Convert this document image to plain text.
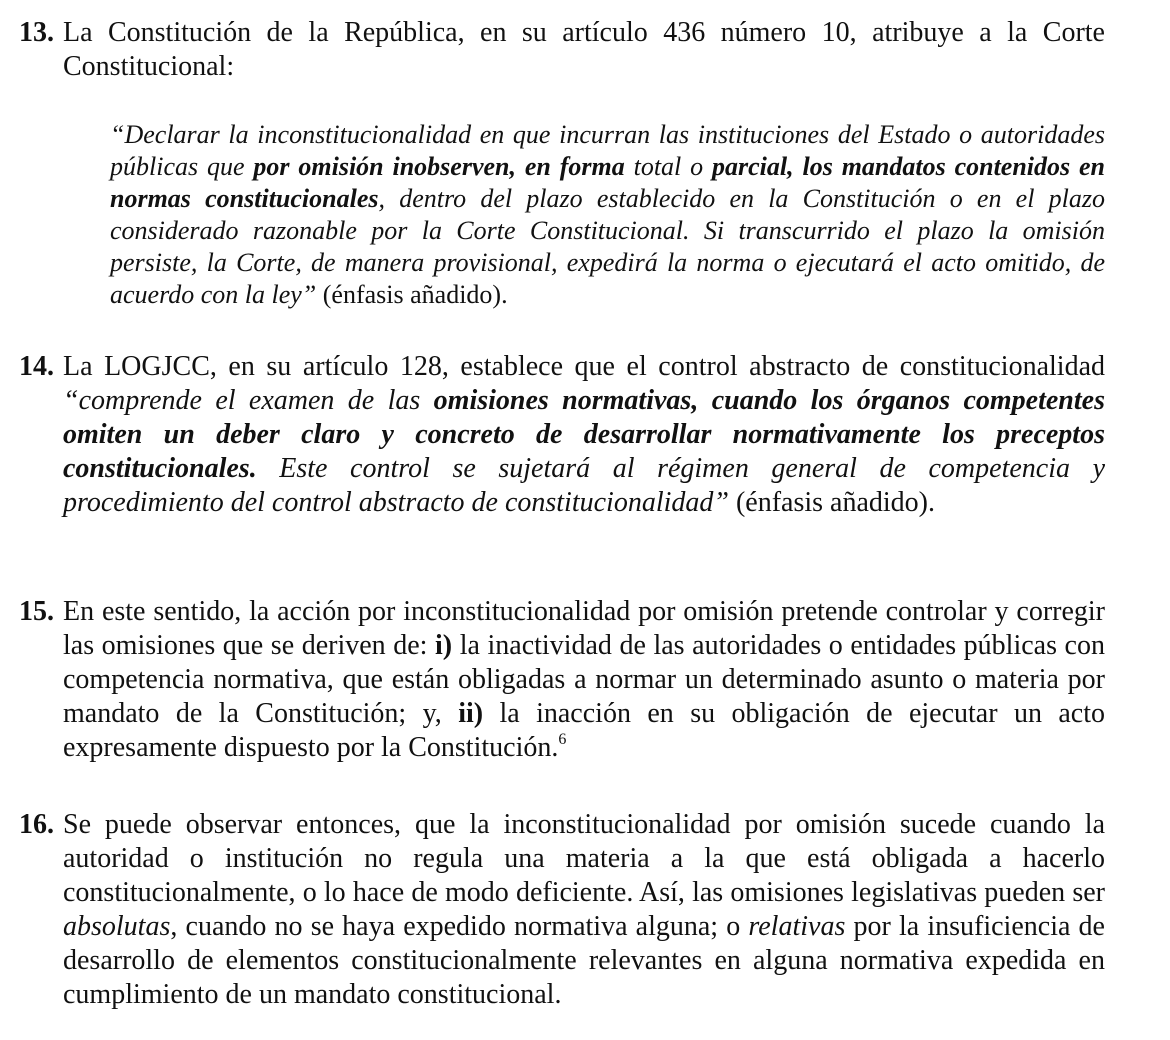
13. La Constitución de la República, en su artículo 436 número 10, atribuye a la Corte Constitucional:
“Declarar la inconstitucionalidad en que incurran las instituciones del Estado o autoridades públicas que por omisión inobserven, en forma total o parcial, los mandatos contenidos en normas constitucionales, dentro del plazo establecido en la Constitución o en el plazo considerado razonable por la Corte Constitucional. Si transcurrido el plazo la omisión persiste, la Corte, de manera provisional, expedirá la norma o ejecutará el acto omitido, de acuerdo con la ley” (énfasis añadido).
14. La LOGJCC, en su artículo 128, establece que el control abstracto de constitucionalidad “comprende el examen de las omisiones normativas, cuando los órganos competentes omiten un deber claro y concreto de desarrollar normativamente los preceptos constitucionales. Este control se sujetará al régimen general de competencia y procedimiento del control abstracto de constitucionalidad” (énfasis añadido).
15. En este sentido, la acción por inconstitucionalidad por omisión pretende controlar y corregir las omisiones que se deriven de: i) la inactividad de las autoridades o entidades públicas con competencia normativa, que están obligadas a normar un determinado asunto o materia por mandato de la Constitución; y, ii) la inacción en su obligación de ejecutar un acto expresamente dispuesto por la Constitución.$^6$
16. Se puede observar entonces, que la inconstitucionalidad por omisión sucede cuando la autoridad o institución no regula una materia a la que está obligada a hacerlo constitucionalmente, o lo hace de modo deficiente. Así, las omisiones legislativas pueden ser absolutas, cuando no se haya expedido normativa alguna; o relativas por la insuficiencia de desarrollo de elementos constitucionalmente relevantes en alguna normativa expedida en cumplimiento de un mandato constitucional.
